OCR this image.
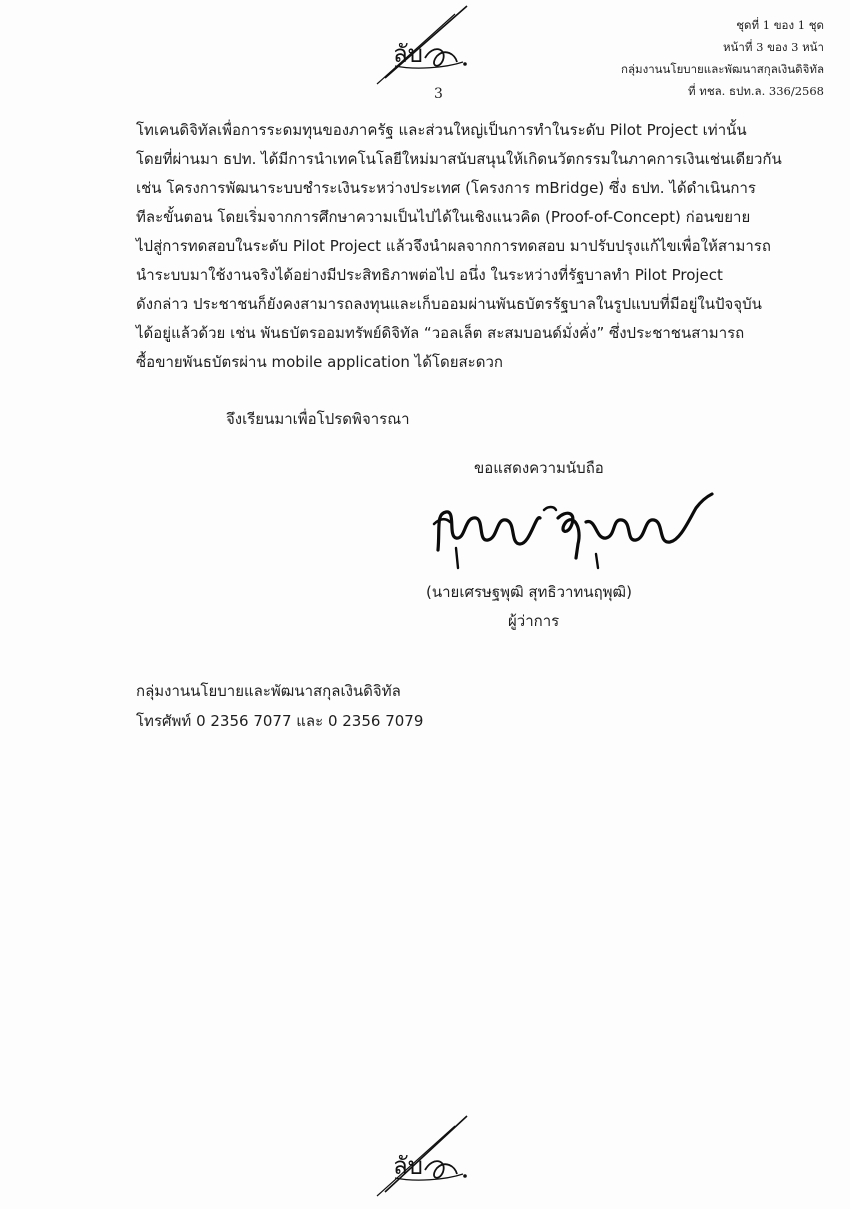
ลับ
ชุดที่ 1 ของ 1 ชุด
หน้าที่ 3 ของ 3 หน้า
กลุ่มงานนโยบายและพัฒนาสกุลเงินดิจิทัล
ที่ ทชล. ธปท.ล. 336/2568
3
โทเคนดิจิทัลเพื่อการระดมทุนของภาครัฐ และส่วนใหญ่เป็นการทำในระดับ Pilot Project เท่านั้น
โดยที่ผ่านมา ธปท. ได้มีการนำเทคโนโลยีใหม่มาสนับสนุนให้เกิดนวัตกรรมในภาคการเงินเช่นเดียวกัน
เช่น โครงการพัฒนาระบบชำระเงินระหว่างประเทศ (โครงการ mBridge) ซึ่ง ธปท. ได้ดำเนินการ
ทีละขั้นตอน โดยเริ่มจากการศึกษาความเป็นไปได้ในเชิงแนวคิด (Proof-of-Concept) ก่อนขยาย
ไปสู่การทดสอบในระดับ Pilot Project แล้วจึงนำผลจากการทดสอบ มาปรับปรุงแก้ไขเพื่อให้สามารถ
นำระบบมาใช้งานจริงได้อย่างมีประสิทธิภาพต่อไป อนึ่ง ในระหว่างที่รัฐบาลทำ Pilot Project
ดังกล่าว ประชาชนก็ยังคงสามารถลงทุนและเก็บออมผ่านพันธบัตรรัฐบาลในรูปแบบที่มีอยู่ในปัจจุบัน
ได้อยู่แล้วด้วย เช่น พันธบัตรออมทรัพย์ดิจิทัล “วอลเล็ต สะสมบอนด์มั่งคั่ง” ซึ่งประชาชนสามารถ
ซื้อขายพันธบัตรผ่าน mobile application ได้โดยสะดวก
จึงเรียนมาเพื่อโปรดพิจารณา
ขอแสดงความนับถือ
(นายเศรษฐพุฒิ สุทธิวาทนฤพุฒิ)
ผู้ว่าการ
กลุ่มงานนโยบายและพัฒนาสกุลเงินดิจิทัล
โทรศัพท์ 0 2356 7077 และ 0 2356 7079
ลับ
